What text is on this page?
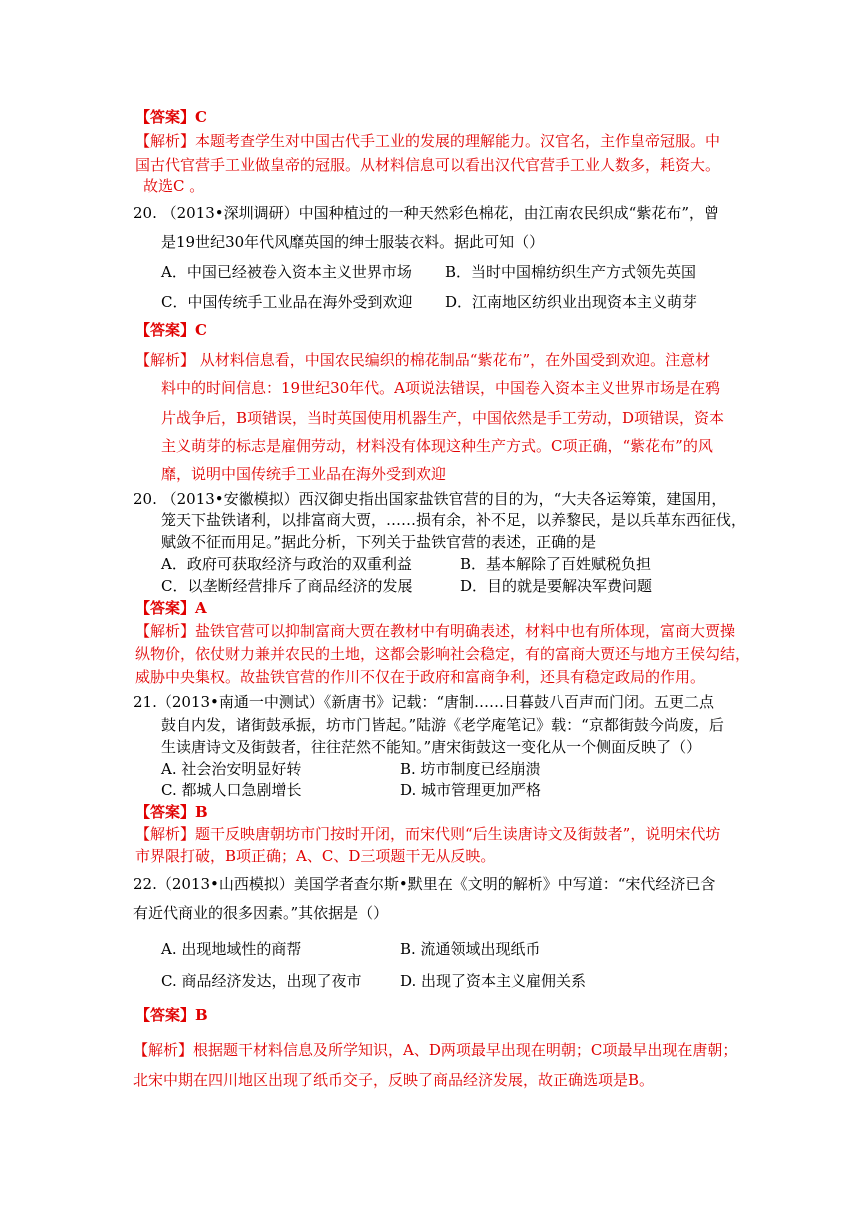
【答案】C
【解析】本题考查学生对中国古代手工业的发展的理解能力。汉官名，主作皇帝冠服。中
国古代官营手工业做皇帝的冠服。从材料信息可以看出汉代官营手工业人数多，耗资大。
故选C 。
20. （2013•深圳调研）中国种植过的一种天然彩色棉花，由江南农民织成“紫花布”，曾
是19世纪30年代风靡英国的绅士服装衣料。据此可知（）
A．中国已经被卷入资本主义世界市场 B．当时中国棉纺织生产方式领先英国
C．中国传统手工业品在海外受到欢迎 D．江南地区纺织业出现资本主义萌芽
【答案】C
【解析】 从材料信息看，中国农民编织的棉花制品“紫花布”，在外国受到欢迎。注意材
料中的时间信息：19世纪30年代。A项说法错误，中国卷入资本主义世界市场是在鸦
片战争后，B项错误，当时英国使用机器生产，中国依然是手工劳动，D项错误，资本
主义萌芽的标志是雇佣劳动，材料没有体现这种生产方式。C项正确，“紫花布”的风
靡，说明中国传统手工业品在海外受到欢迎
20. （2013•安徽模拟）西汉御史指出国家盐铁官营的目的为，“大夫各运筹策，建国用，
笼天下盐铁诸利，以排富商大贾，……损有余，补不足，以养黎民，是以兵革东西征伐，
赋敛不征而用足。”据此分析，下列关于盐铁官营的表述，正确的是
A．政府可获取经济与政治的双重利益	B．基本解除了百姓赋税负担
C．以垄断经营排斥了商品经济的发展	D．目的就是要解决军费问题
【答案】A
【解析】盐铁官营可以抑制富商大贾在教材中有明确表述，材料中也有所体现，富商大贾操
纵物价，依仗财力兼并农民的土地，这都会影响社会稳定，有的富商大贾还与地方王侯勾结，
威胁中央集权。故盐铁官营的作川不仅在于政府和富商争利，还具有稳定政局的作用。
21.（2013•南通一中测试）《新唐书》记载：“唐制……日暮鼓八百声而门闭。五更二点
鼓自内发，诸街鼓承振，坊市门皆起。”陆游《老学庵笔记》载：“京都街鼓今尚废，后
生读唐诗文及街鼓者，往往茫然不能知。”唐宋街鼓这一变化从一个侧面反映了（）
A. 社会治安明显好转	B. 坊市制度已经崩溃
C. 都城人口急剧增长	D. 城市管理更加严格
【答案】B
【解析】题干反映唐朝坊市门按时开闭，而宋代则“后生读唐诗文及街鼓者”，说明宋代坊
市界限打破，B项正确；A、C、D三项题干无从反映。
22.（2013•山西模拟）美国学者查尔斯•默里在《文明的解析》中写道：“宋代经济已含
有近代商业的很多因素。”其依据是（）
A. 出现地域性的商帮	B. 流通领域出现纸币
C. 商品经济发达，出现了夜市	D. 出现了资本主义雇佣关系
【答案】B
【解析】根据题干材料信息及所学知识，A、D两项最早出现在明朝；C项最早出现在唐朝；
北宋中期在四川地区出现了纸币交子，反映了商品经济发展，故正确选项是B。
